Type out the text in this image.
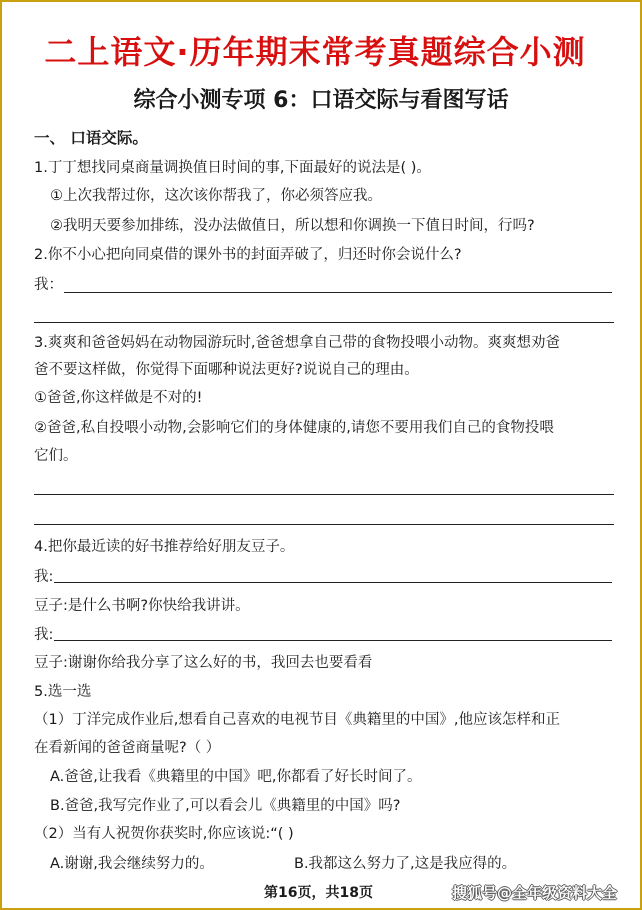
二上语文·历年期末常考真题综合小测
综合小测专项 6：口语交际与看图写话
一、 口语交际。
1.丁丁想找同桌商量调换值日时间的事,下面最好的说法是( )。
①上次我帮过你，这次该你帮我了，你必须答应我。
②我明天要参加排练，没办法做值日，所以想和你调换一下值日时间，行吗?
2.你不小心把向同桌借的课外书的封面弄破了，归还时你会说什么?
我：
3.爽爽和爸爸妈妈在动物园游玩时,爸爸想拿自己带的食物投喂小动物。爽爽想劝爸
爸不要这样做，你觉得下面哪种说法更好?说说自己的理由。
①爸爸,你这样做是不对的!
②爸爸,私自投喂小动物,会影响它们的身体健康的,请您不要用我们自己的食物投喂
它们。
4.把你最近读的好书推荐给好朋友豆子。
我:
豆子:是什么书啊?你快给我讲讲。
我:
豆子:谢谢你给我分享了这么好的书，我回去也要看看
5.选一选
（1）丁洋完成作业后,想看自己喜欢的电视节目《典籍里的中国》,他应该怎样和正
在看新闻的爸爸商量呢?（ ）
A.爸爸,让我看《典籍里的中国》吧,你都看了好长时间了。
B.爸爸,我写完作业了,可以看会儿《典籍里的中国》吗?
（2）当有人祝贺你获奖时,你应该说:“( )
A.谢谢,我会继续努力的。	B.我都这么努力了,这是我应得的。
第16页，共18页	搜狐号@全年级资料大全
